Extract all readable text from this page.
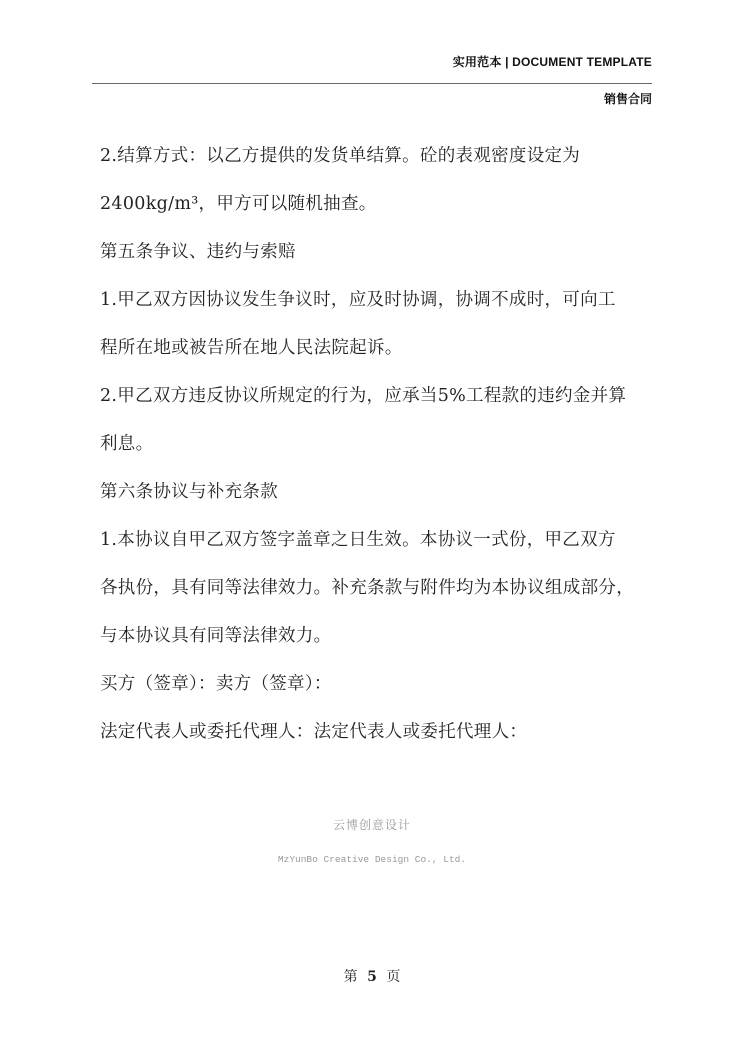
实用范本 | DOCUMENT TEMPLATE
销售合同
2.结算方式：以乙方提供的发货单结算。砼的表观密度设定为
2400kg/m³，甲方可以随机抽查。
第五条争议、违约与索赔
1.甲乙双方因协议发生争议时，应及时协调，协调不成时，可向工
程所在地或被告所在地人民法院起诉。
2.甲乙双方违反协议所规定的行为，应承当5%工程款的违约金并算
利息。
第六条协议与补充条款
1.本协议自甲乙双方签字盖章之日生效。本协议一式份，甲乙双方
各执份，具有同等法律效力。补充条款与附件均为本协议组成部分，
与本协议具有同等法律效力。
买方（签章）：卖方（签章）：
法定代表人或委托代理人：法定代表人或委托代理人：
云博创意设计
MzYunBo Creative Design Co., Ltd.
第 5 页
